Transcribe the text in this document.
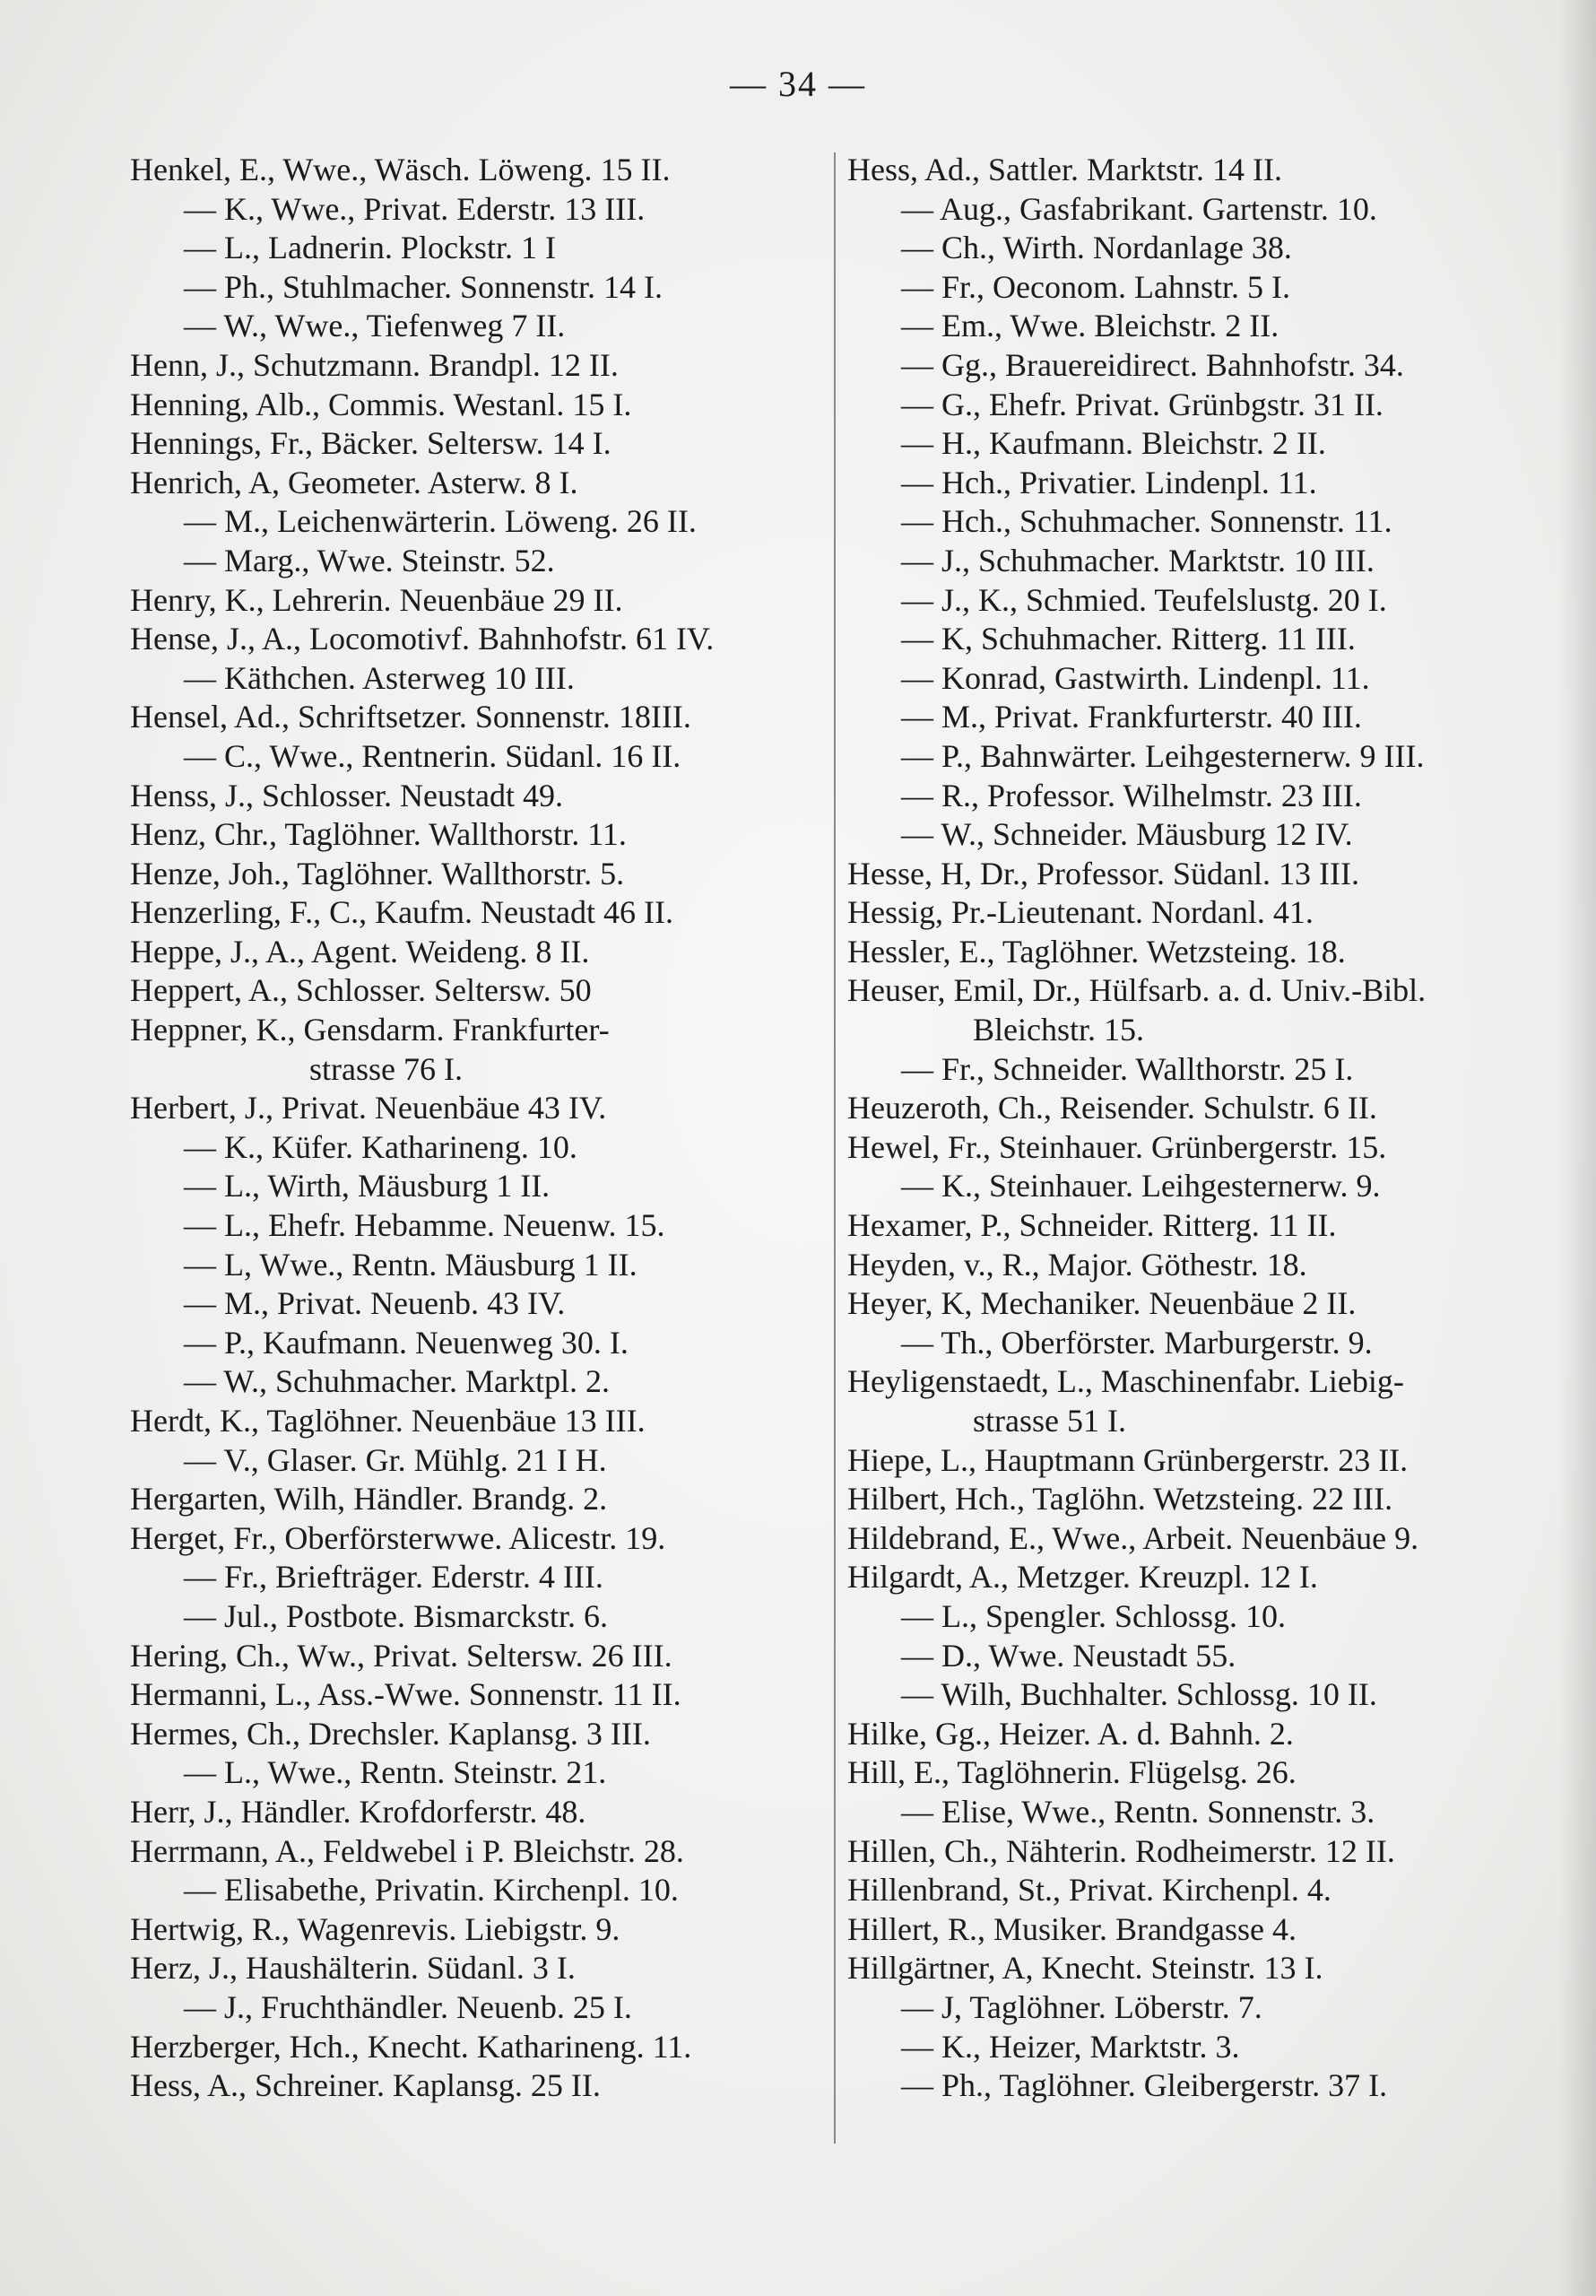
— 34 —
Henkel, E., Wwe., Wäsch. Löweng. 15 II.
— K., Wwe., Privat. Ederstr. 13 III.
— L., Ladnerin. Plockstr. 1 I
— Ph., Stuhlmacher. Sonnenstr. 14 I.
— W., Wwe., Tiefenweg 7 II.
Henn, J., Schutzmann. Brandpl. 12 II.
Henning, Alb., Commis. Westanl. 15 I.
Hennings, Fr., Bäcker. Seltersw. 14 I.
Henrich, A, Geometer. Asterw. 8 I.
— M., Leichenwärterin. Löweng. 26 II.
— Marg., Wwe. Steinstr. 52.
Henry, K., Lehrerin. Neuenbäue 29 II.
Hense, J., A., Locomotivf. Bahnhofstr. 61 IV.
— Käthchen. Asterweg 10 III.
Hensel, Ad., Schriftsetzer. Sonnenstr. 18III.
— C., Wwe., Rentnerin. Südanl. 16 II.
Henss, J., Schlosser. Neustadt 49.
Henz, Chr., Taglöhner. Wallthorstr. 11.
Henze, Joh., Taglöhner. Wallthorstr. 5.
Henzerling, F., C., Kaufm. Neustadt 46 II.
Heppe, J., A., Agent. Weideng. 8 II.
Heppert, A., Schlosser. Seltersw. 50
Heppner, K., Gensdarm. Frankfurter-
strasse 76 I.
Herbert, J., Privat. Neuenbäue 43 IV.
— K., Küfer. Katharineng. 10.
— L., Wirth, Mäusburg 1 II.
— L., Ehefr. Hebamme. Neuenw. 15.
— L, Wwe., Rentn. Mäusburg 1 II.
— M., Privat. Neuenb. 43 IV.
— P., Kaufmann. Neuenweg 30. I.
— W., Schuhmacher. Marktpl. 2.
Herdt, K., Taglöhner. Neuenbäue 13 III.
— V., Glaser. Gr. Mühlg. 21 I H.
Hergarten, Wilh, Händler. Brandg. 2.
Herget, Fr., Oberförsterwwe. Alicestr. 19.
— Fr., Briefträger. Ederstr. 4 III.
— Jul., Postbote. Bismarckstr. 6.
Hering, Ch., Ww., Privat. Seltersw. 26 III.
Hermanni, L., Ass.-Wwe. Sonnenstr. 11 II.
Hermes, Ch., Drechsler. Kaplansg. 3 III.
— L., Wwe., Rentn. Steinstr. 21.
Herr, J., Händler. Krofdorferstr. 48.
Herrmann, A., Feldwebel i P. Bleichstr. 28.
— Elisabethe, Privatin. Kirchenpl. 10.
Hertwig, R., Wagenrevis. Liebigstr. 9.
Herz, J., Haushälterin. Südanl. 3 I.
— J., Fruchthändler. Neuenb. 25 I.
Herzberger, Hch., Knecht. Katharineng. 11.
Hess, A., Schreiner. Kaplansg. 25 II.
Hess, Ad., Sattler. Marktstr. 14 II.
— Aug., Gasfabrikant. Gartenstr. 10.
— Ch., Wirth. Nordanlage 38.
— Fr., Oeconom. Lahnstr. 5 I.
— Em., Wwe. Bleichstr. 2 II.
— Gg., Brauereidirect. Bahnhofstr. 34.
— G., Ehefr. Privat. Grünbgstr. 31 II.
— H., Kaufmann. Bleichstr. 2 II.
— Hch., Privatier. Lindenpl. 11.
— Hch., Schuhmacher. Sonnenstr. 11.
— J., Schuhmacher. Marktstr. 10 III.
— J., K., Schmied. Teufelslustg. 20 I.
— K, Schuhmacher. Ritterg. 11 III.
— Konrad, Gastwirth. Lindenpl. 11.
— M., Privat. Frankfurterstr. 40 III.
— P., Bahnwärter. Leihgesternerw. 9 III.
— R., Professor. Wilhelmstr. 23 III.
— W., Schneider. Mäusburg 12 IV.
Hesse, H, Dr., Professor. Südanl. 13 III.
Hessig, Pr.-Lieutenant. Nordanl. 41.
Hessler, E., Taglöhner. Wetzsteing. 18.
Heuser, Emil, Dr., Hülfsarb. a. d. Univ.-Bibl.
Bleichstr. 15.
— Fr., Schneider. Wallthorstr. 25 I.
Heuzeroth, Ch., Reisender. Schulstr. 6 II.
Hewel, Fr., Steinhauer. Grünbergerstr. 15.
— K., Steinhauer. Leihgesternerw. 9.
Hexamer, P., Schneider. Ritterg. 11 II.
Heyden, v., R., Major. Göthestr. 18.
Heyer, K, Mechaniker. Neuenbäue 2 II.
— Th., Oberförster. Marburgerstr. 9.
Heyligenstaedt, L., Maschinenfabr. Liebig-
strasse 51 I.
Hiepe, L., Hauptmann Grünbergerstr. 23 II.
Hilbert, Hch., Taglöhn. Wetzsteing. 22 III.
Hildebrand, E., Wwe., Arbeit. Neuenbäue 9.
Hilgardt, A., Metzger. Kreuzpl. 12 I.
— L., Spengler. Schlossg. 10.
— D., Wwe. Neustadt 55.
— Wilh, Buchhalter. Schlossg. 10 II.
Hilke, Gg., Heizer. A. d. Bahnh. 2.
Hill, E., Taglöhnerin. Flügelsg. 26.
— Elise, Wwe., Rentn. Sonnenstr. 3.
Hillen, Ch., Nähterin. Rodheimerstr. 12 II.
Hillenbrand, St., Privat. Kirchenpl. 4.
Hillert, R., Musiker. Brandgasse 4.
Hillgärtner, A, Knecht. Steinstr. 13 I.
— J, Taglöhner. Löberstr. 7.
— K., Heizer, Marktstr. 3.
— Ph., Taglöhner. Gleibergerstr. 37 I.
